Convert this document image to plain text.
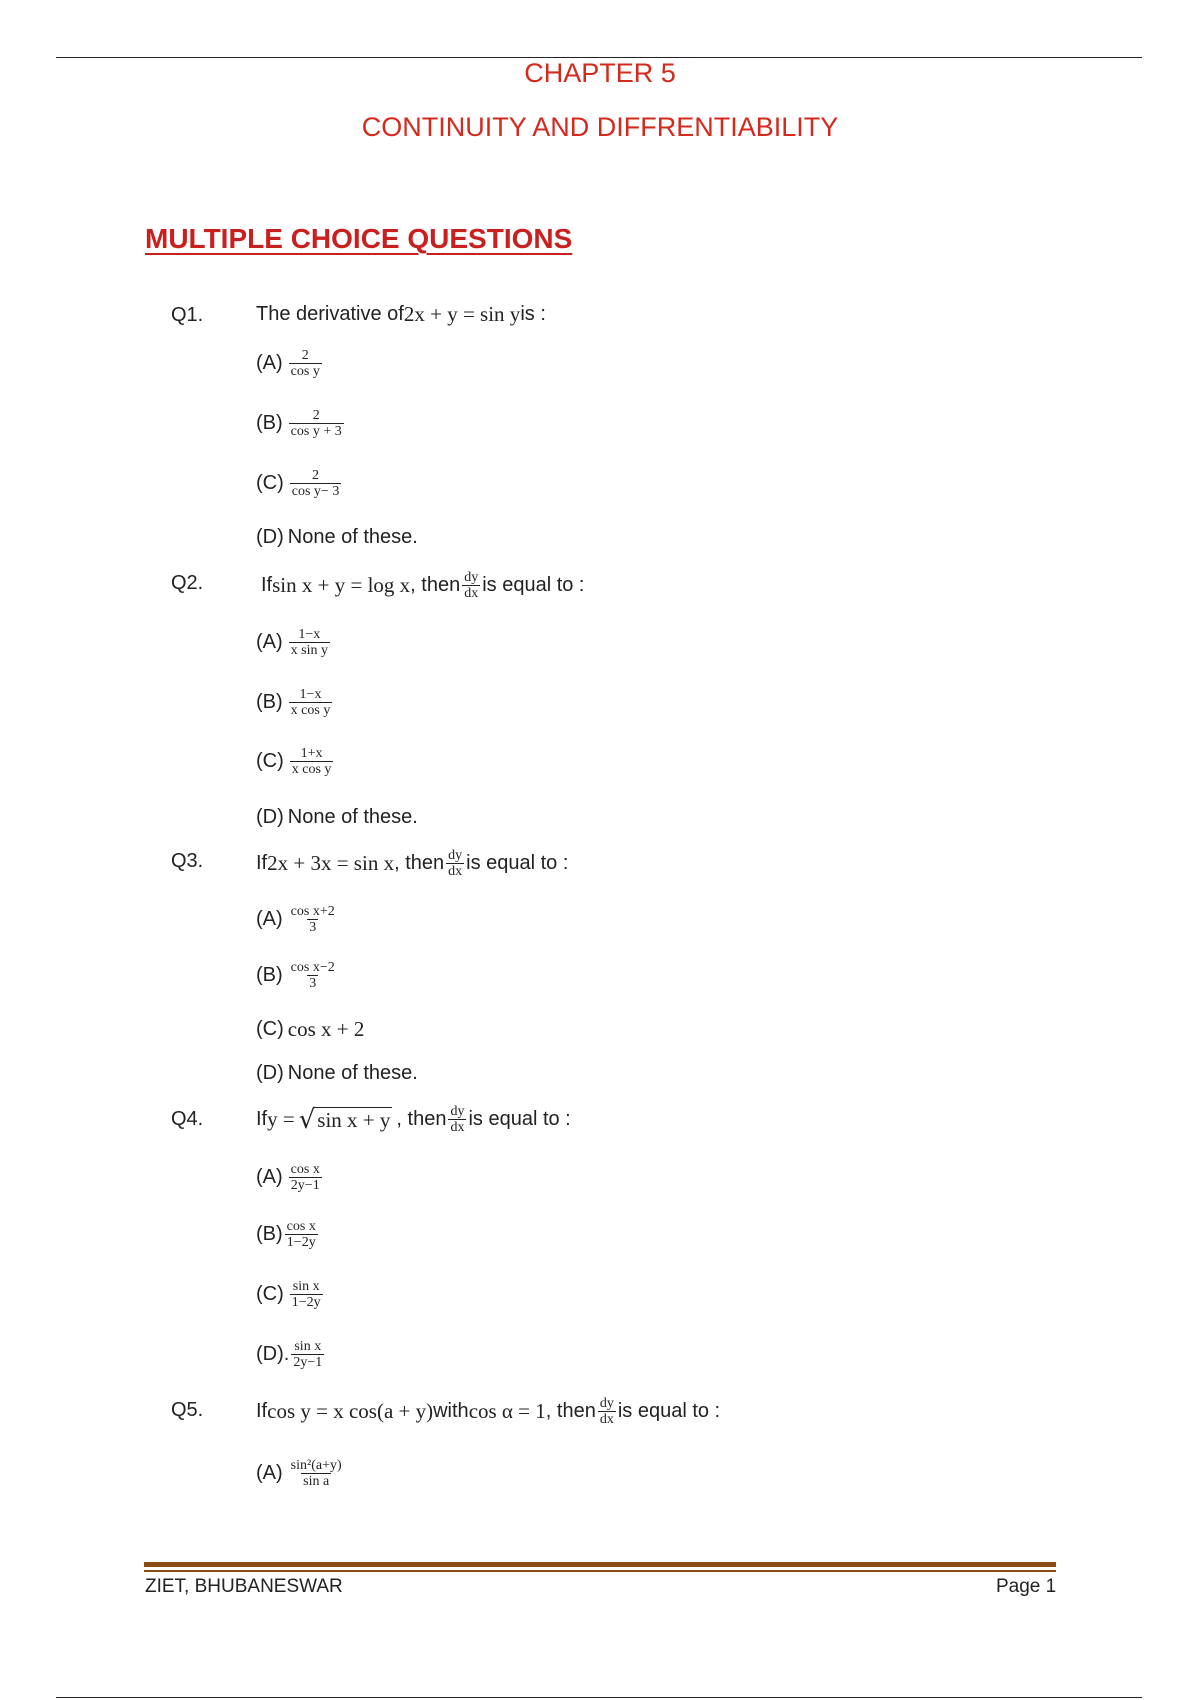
CHAPTER 5
CONTINUITY AND DIFFRENTIABILITY
MULTIPLE CHOICE QUESTIONS
Q1.	The derivative of 2x + y = sin y is :
$(A) \frac{2}{\text{cos y}}$
$(B) \frac{2}{\text{cos y + 3}}$
$(C) \frac{2}{\text{cos y− 3}}$
(D) None of these.
Q2.	If sin x + y = log x , then $\frac{dy}{dx}$ is equal to :
$(A) \frac{1-x}{\text{x sin y}}$
$(B) \frac{1-x}{\text{x cos y}}$
$(C) \frac{1+x}{\text{x cos y}}$
(D) None of these.
Q3.	If 2x + 3x = sin x , then $\frac{dy}{dx}$ is equal to :
$(A) \frac{\text{cos x+2}}{3}$
$(B) \frac{\text{cos x−2}}{3}$
(C) cos x + 2
(D) None of these.
Q4.	If y = √ sin x + y , then $\frac{dy}{dx}$ is equal to :
$(A) \frac{\text{cos x}}{2y-1}$
$(B) \frac{\text{cos x}}{1-2y}$
$(C) \frac{\text{sin x}}{1-2y}$
(D). $\frac{\text{sin x}}{2y-1}$
Q5.	If cos y = x cos(a + y) with cos α = 1 , then $\frac{dy}{dx}$ is equal to :
$(A) \frac{\text{sin²(a+y)}}{\text{sin a}}$
ZIET, BHUBANESWAR	Page 1
